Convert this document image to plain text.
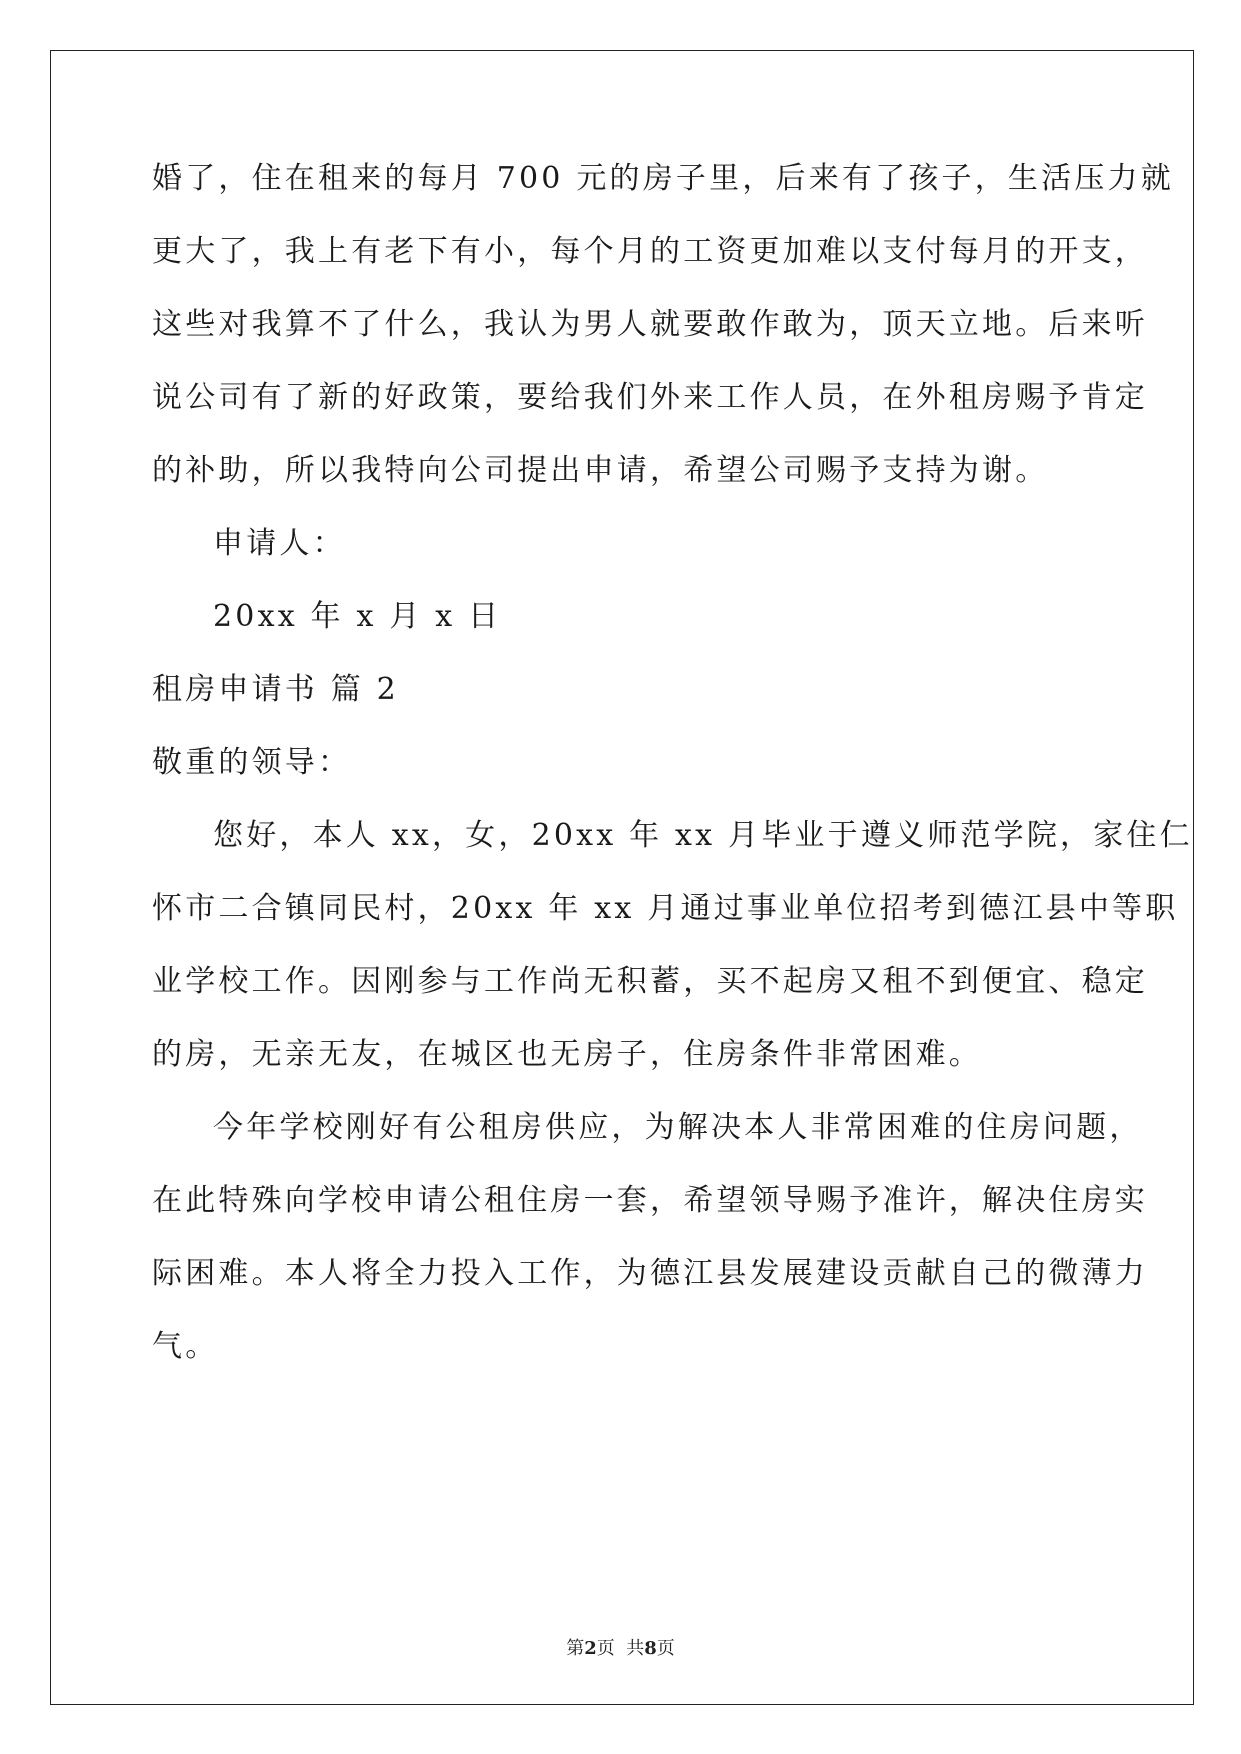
婚了，住在租来的每月 700 元的房子里，后来有了孩子，生活压力就
更大了，我上有老下有小，每个月的工资更加难以支付每月的开支，
这些对我算不了什么，我认为男人就要敢作敢为，顶天立地。后来听
说公司有了新的好政策，要给我们外来工作人员，在外租房赐予肯定
的补助，所以我特向公司提出申请，希望公司赐予支持为谢。
申请人：
20xx 年 x 月 x 日
租房申请书 篇 2
敬重的领导：
您好，本人 xx，女，20xx 年 xx 月毕业于遵义师范学院，家住仁
怀市二合镇同民村，20xx 年 xx 月通过事业单位招考到德江县中等职
业学校工作。因刚参与工作尚无积蓄，买不起房又租不到便宜、稳定
的房，无亲无友，在城区也无房子，住房条件非常困难。
今年学校刚好有公租房供应，为解决本人非常困难的住房问题，
在此特殊向学校申请公租住房一套，希望领导赐予准许，解决住房实
际困难。本人将全力投入工作，为德江县发展建设贡献自己的微薄力
气。
第2页  共8页
